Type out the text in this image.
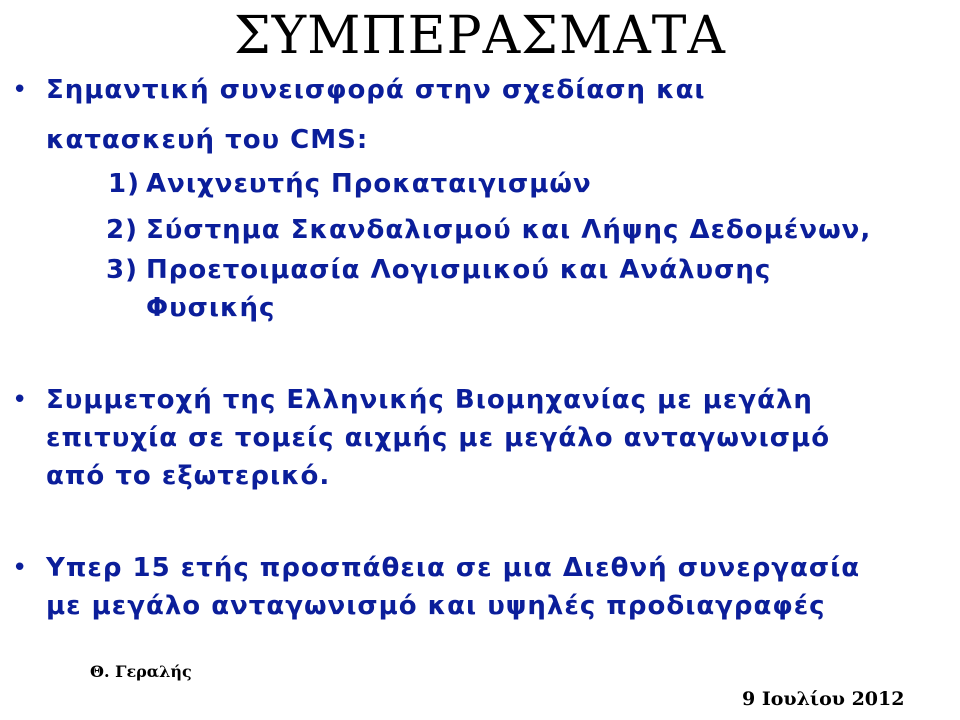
ΣΥΜΠΕΡΑΣΜΑΤΑ
• Σημαντική συνεισφορά στην σχεδίαση και
κατασκευή του CMS:
1) Ανιχνευτής Προκαταιγισμών
2) Σύστημα Σκανδαλισμού και Λήψης Δεδομένων,
3) Προετοιμασία Λογισμικού και Ανάλυσης
Φυσικής
• Συμμετοχή της Ελληνικής Βιομηχανίας με μεγάλη
επιτυχία σε τομείς αιχμής με μεγάλο ανταγωνισμό
από το εξωτερικό.
• Υπερ 15 ετής προσπάθεια σε μια Διεθνή συνεργασία
με μεγάλο ανταγωνισμό και υψηλές προδιαγραφές
Θ. Γεραλής
9 Ιουλίου 2012
